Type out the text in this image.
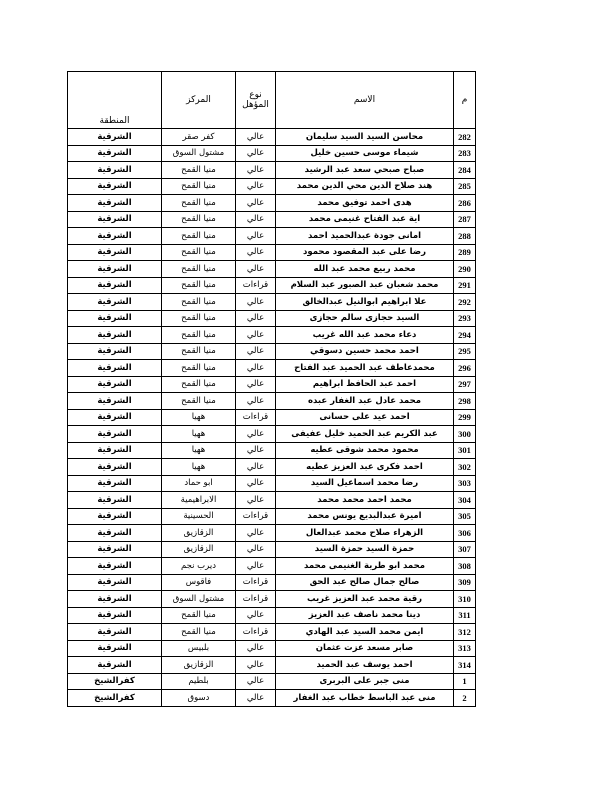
م	الاسم	نوع المؤهل	المركز	المنطقة
282	محاسن السيد السيد سليمان	عالي	كفر صقر	الشرقية
283	شيماء موسى حسين خليل	عالي	مشتول السوق	الشرقية
284	صباح صبحي سعد عبد الرشيد	عالي	منيا القمح	الشرقية
285	هند صلاح الدين محي الدين محمد	عالي	منيا القمح	الشرقية
286	هدى احمد توفيق محمد	عالي	منيا القمح	الشرقية
287	اية عبد الفتاح غنيمى محمد	عالي	منيا القمح	الشرقية
288	امانى جودة عبدالحميد احمد	عالي	منيا القمح	الشرقية
289	رضا على عبد المقصود محمود	عالي	منيا القمح	الشرقية
290	محمد ربيع محمد عبد الله	عالي	منيا القمح	الشرقية
291	محمد شعبان عبد الصبور عبد السلام	قراءات	منيا القمح	الشرقية
292	علا ابراهيم ابوالنيل عبدالخالق	عالي	منيا القمح	الشرقية
293	السيد حجازى سالم حجازى	عالي	منيا القمح	الشرقية
294	دعاء محمد عبد الله غريب	عالي	منيا القمح	الشرقية
295	احمد محمد حسين دسوقي	عالي	منيا القمح	الشرقية
296	محمدعاطف عبد الحميد عبد الفتاح	عالي	منيا القمح	الشرقية
297	احمد عبد الحافظ ابراهيم	عالي	منيا القمح	الشرقية
298	محمد عادل عبد الغفار عبده	عالي	منيا القمح	الشرقية
299	احمد عيد على حسانى	قراءات	ههيا	الشرقية
300	عبد الكريم عبد الحميد خليل عفيفى	عالي	ههيا	الشرقية
301	محمود محمد شوقى عطيه	عالي	ههيا	الشرقية
302	احمد فكرى عبد العزيز عطيه	عالي	ههيا	الشرقية
303	رضا محمد اسماعيل السيد	عالي	ابو حماد	الشرقية
304	محمد احمد محمد محمد	عالي	الابراهيمية	الشرقية
305	اميرة عبدالبديع يونس محمد	قراءات	الحسينية	الشرقية
306	الزهراء صلاح محمد عبدالعال	عالي	الزقازيق	الشرقية
307	حمزة السيد حمزة السيد	عالي	الزقازيق	الشرقية
308	محمد ابو طرية الغنيمى محمد	عالي	ديرب نجم	الشرقية
309	صالح جمال صالح عبد الحق	قراءات	فاقوس	الشرقية
310	رقية محمد عبد العزيز غريب	قراءات	مشتول السوق	الشرقية
311	دينا محمد ناصف عبد العزيز	عالي	منيا القمح	الشرقية
312	ايمن محمد السيد عبد الهادي	قراءات	منيا القمح	الشرقية
313	صابر مسعد عزت عثمان	عالي	بلبيس	الشرقية
314	احمد يوسف عبد الحميد	عالي	الزقازيق	الشرقية
1	منى جبر على البربرى	عالي	بلطيم	كفرالشيخ
2	منى عبد الباسط خطاب عبد الغفار	عالي	دسوق	كفرالشيخ
